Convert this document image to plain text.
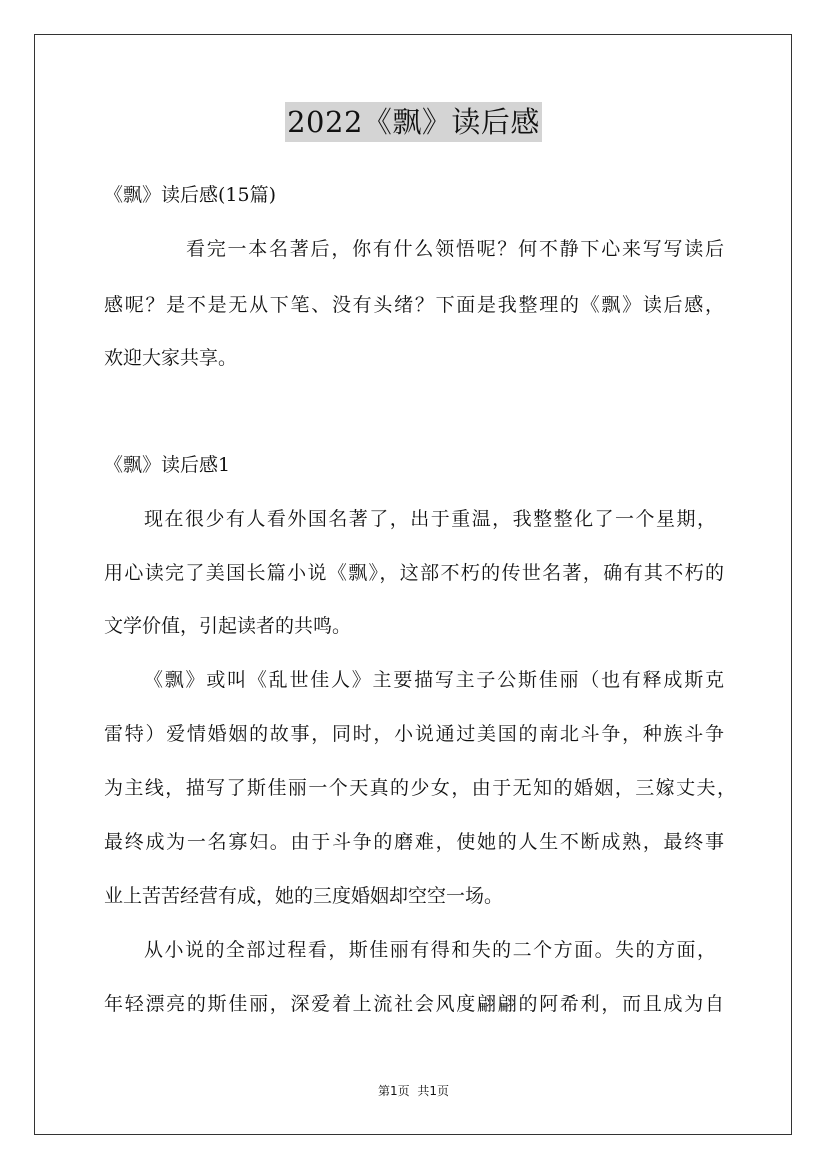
2022《飘》读后感
《飘》读后感(15篇)
看完一本名著后，你有什么领悟呢？何不静下心来写写读后
感呢？是不是无从下笔、没有头绪？下面是我整理的《飘》读后感，
欢迎大家共享。
《飘》读后感1
现在很少有人看外国名著了，出于重温，我整整化了一个星期，
用心读完了美国长篇小说《飘》，这部不朽的传世名著，确有其不朽的
文学价值，引起读者的共鸣。
《飘》或叫《乱世佳人》主要描写主子公斯佳丽（也有释成斯克
雷特）爱情婚姻的故事，同时，小说通过美国的南北斗争，种族斗争
为主线，描写了斯佳丽一个天真的少女，由于无知的婚姻，三嫁丈夫，
最终成为一名寡妇。由于斗争的磨难，使她的人生不断成熟，最终事
业上苦苦经营有成，她的三度婚姻却空空一场。
从小说的全部过程看，斯佳丽有得和失的二个方面。失的方面，
年轻漂亮的斯佳丽，深爱着上流社会风度翩翩的阿希利，而且成为自
第1页 共1页
